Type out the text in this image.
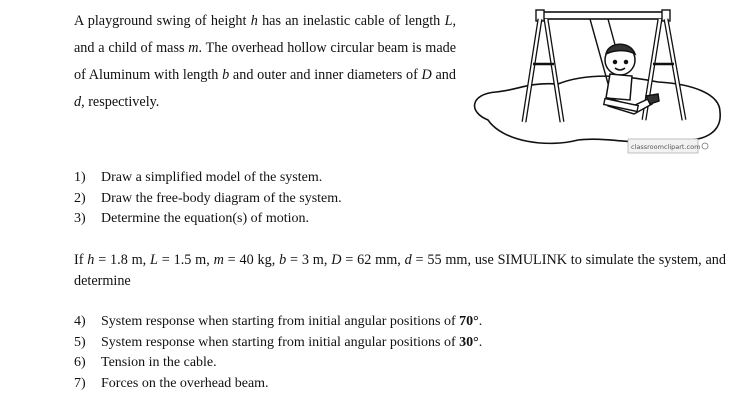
A playground swing of height h has an inelastic cable of length L, and a child of mass m. The overhead hollow circular beam is made of Aluminum with length b and outer and inner diameters of D and d, respectively.

classroomclipart.com
1)	Draw a simplified model of the system.
2)	Draw the free-body diagram of the system.
3)	Determine the equation(s) of motion.

If h = 1.8 m, L = 1.5 m, m = 40 kg, b = 3 m, D = 62 mm, d = 55 mm, use SIMULINK to simulate the system, and determine

4)	System response when starting from initial angular positions of 70°.
5)	System response when starting from initial angular positions of 30°.
6)	Tension in the cable.
7)	Forces on the overhead beam.
